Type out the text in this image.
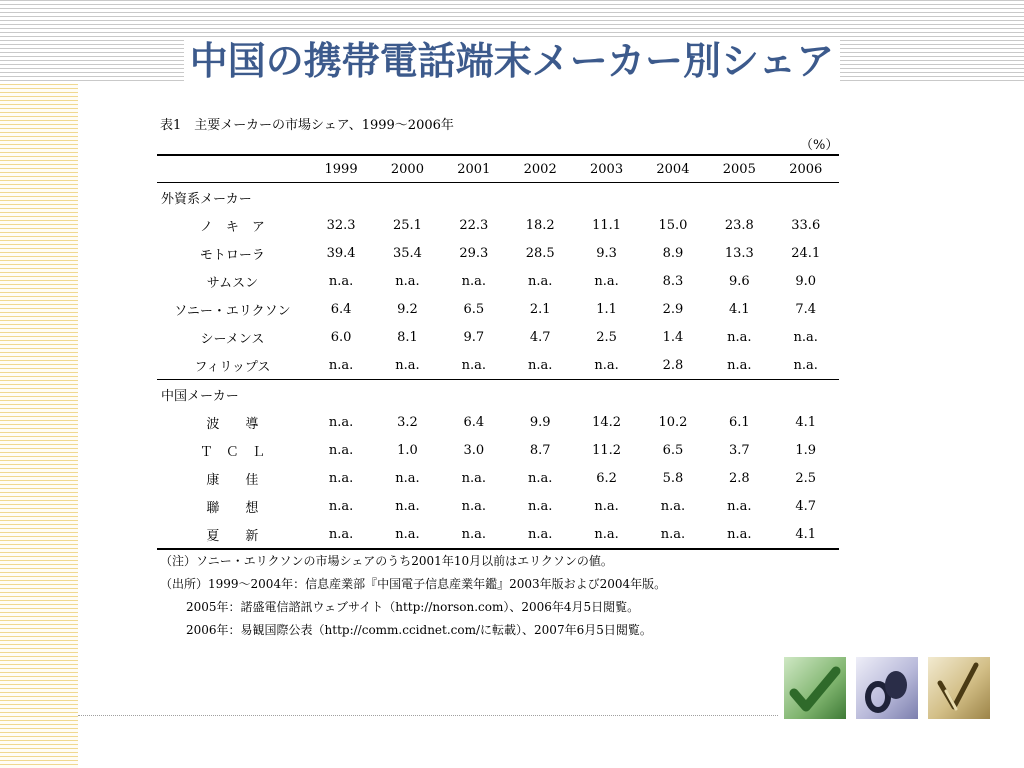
中国の携帯電話端末メーカー別シェア
表1　主要メーカーの市場シェア、1999～2006年
（%）
	1999	2000	2001	2002	2003	2004	2005	2006
外資系メーカー								
ノ　キ　ア	32.3	25.1	22.3	18.2	11.1	15.0	23.8	33.6
モトローラ	39.4	35.4	29.3	28.5	9.3	8.9	13.3	24.1
サムスン	n.a.	n.a.	n.a.	n.a.	n.a.	8.3	9.6	9.0
ソニー・エリクソン	6.4	9.2	6.5	2.1	1.1	2.9	4.1	7.4
シーメンス	6.0	8.1	9.7	4.7	2.5	1.4	n.a.	n.a.
フィリップス	n.a.	n.a.	n.a.	n.a.	n.a.	2.8	n.a.	n.a.
中国メーカー								
波　　導	n.a.	3.2	6.4	9.9	14.2	10.2	6.1	4.1
Ｔ　Ｃ　Ｌ	n.a.	1.0	3.0	8.7	11.2	6.5	3.7	1.9
康　　佳	n.a.	n.a.	n.a.	n.a.	6.2	5.8	2.8	2.5
聯　　想	n.a.	n.a.	n.a.	n.a.	n.a.	n.a.	n.a.	4.7
夏　　新	n.a.	n.a.	n.a.	n.a.	n.a.	n.a.	n.a.	4.1
（注）ソニー・エリクソンの市場シェアのうち2001年10月以前はエリクソンの値。
（出所）1999～2004年：信息産業部『中国電子信息産業年鑑』2003年版および2004年版。
2005年：諾盛電信諮訊ウェブサイト（http://norson.com）、2006年4月5日閲覧。
2006年：易観国際公表（http://comm.ccidnet.com/に転載）、2007年6月5日閲覧。
